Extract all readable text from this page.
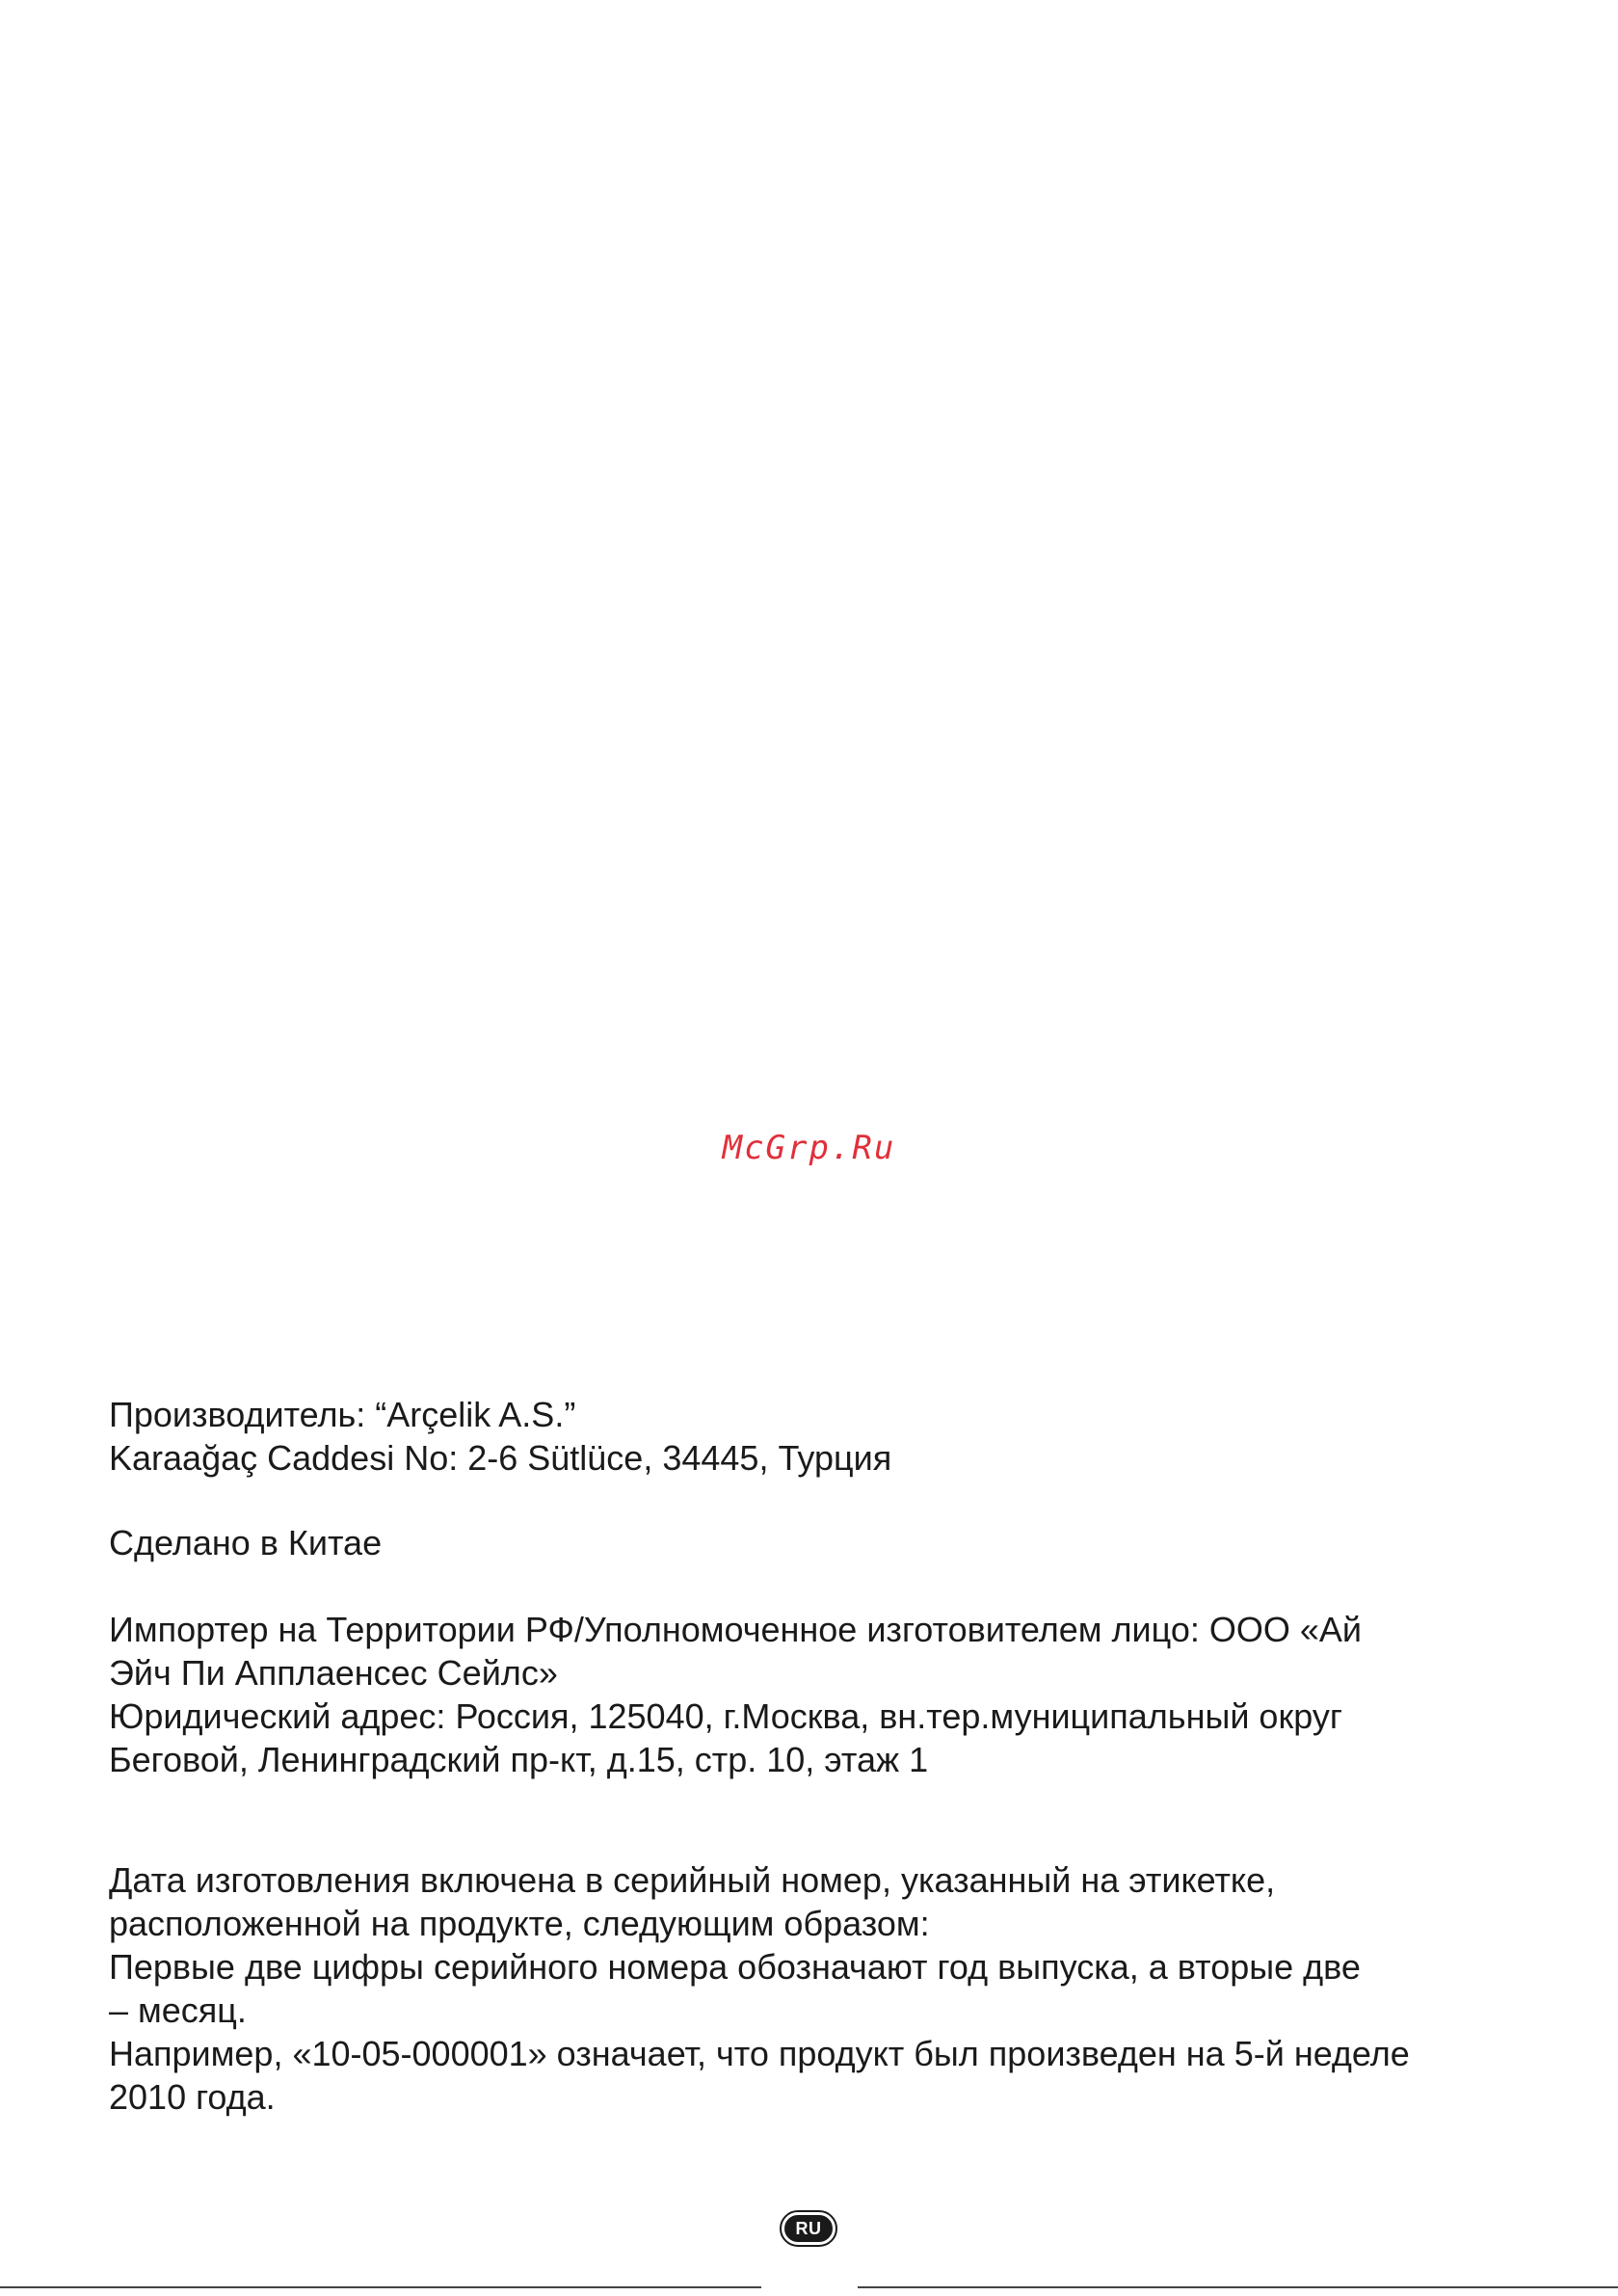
McGrp.Ru

Производитель: “Arçelik A.S.”

Karaağaç Caddesi No: 2-6 Sütlüce, 34445, Турция

Сделано в Китае

Импортер на Территории РФ/Уполномоченное изготовителем лицо: ООО «Ай

Эйч Пи Апплаенсес Сейлс»

Юридический адрес: Россия, 125040, г.Москва, вн.тер.муниципальный округ

Беговой, Ленинградский пр-кт, д.15, стр. 10, этаж 1

Дата изготовления включена в серийный номер, указанный на этикетке,

расположенной на продукте, следующим образом:

Первые две цифры серийного номера обозначают год выпуска, а вторые две

– месяц.

Например, «10-05-000001» означает, что продукт был произведен на 5-й неделе

2010 года.

RU
